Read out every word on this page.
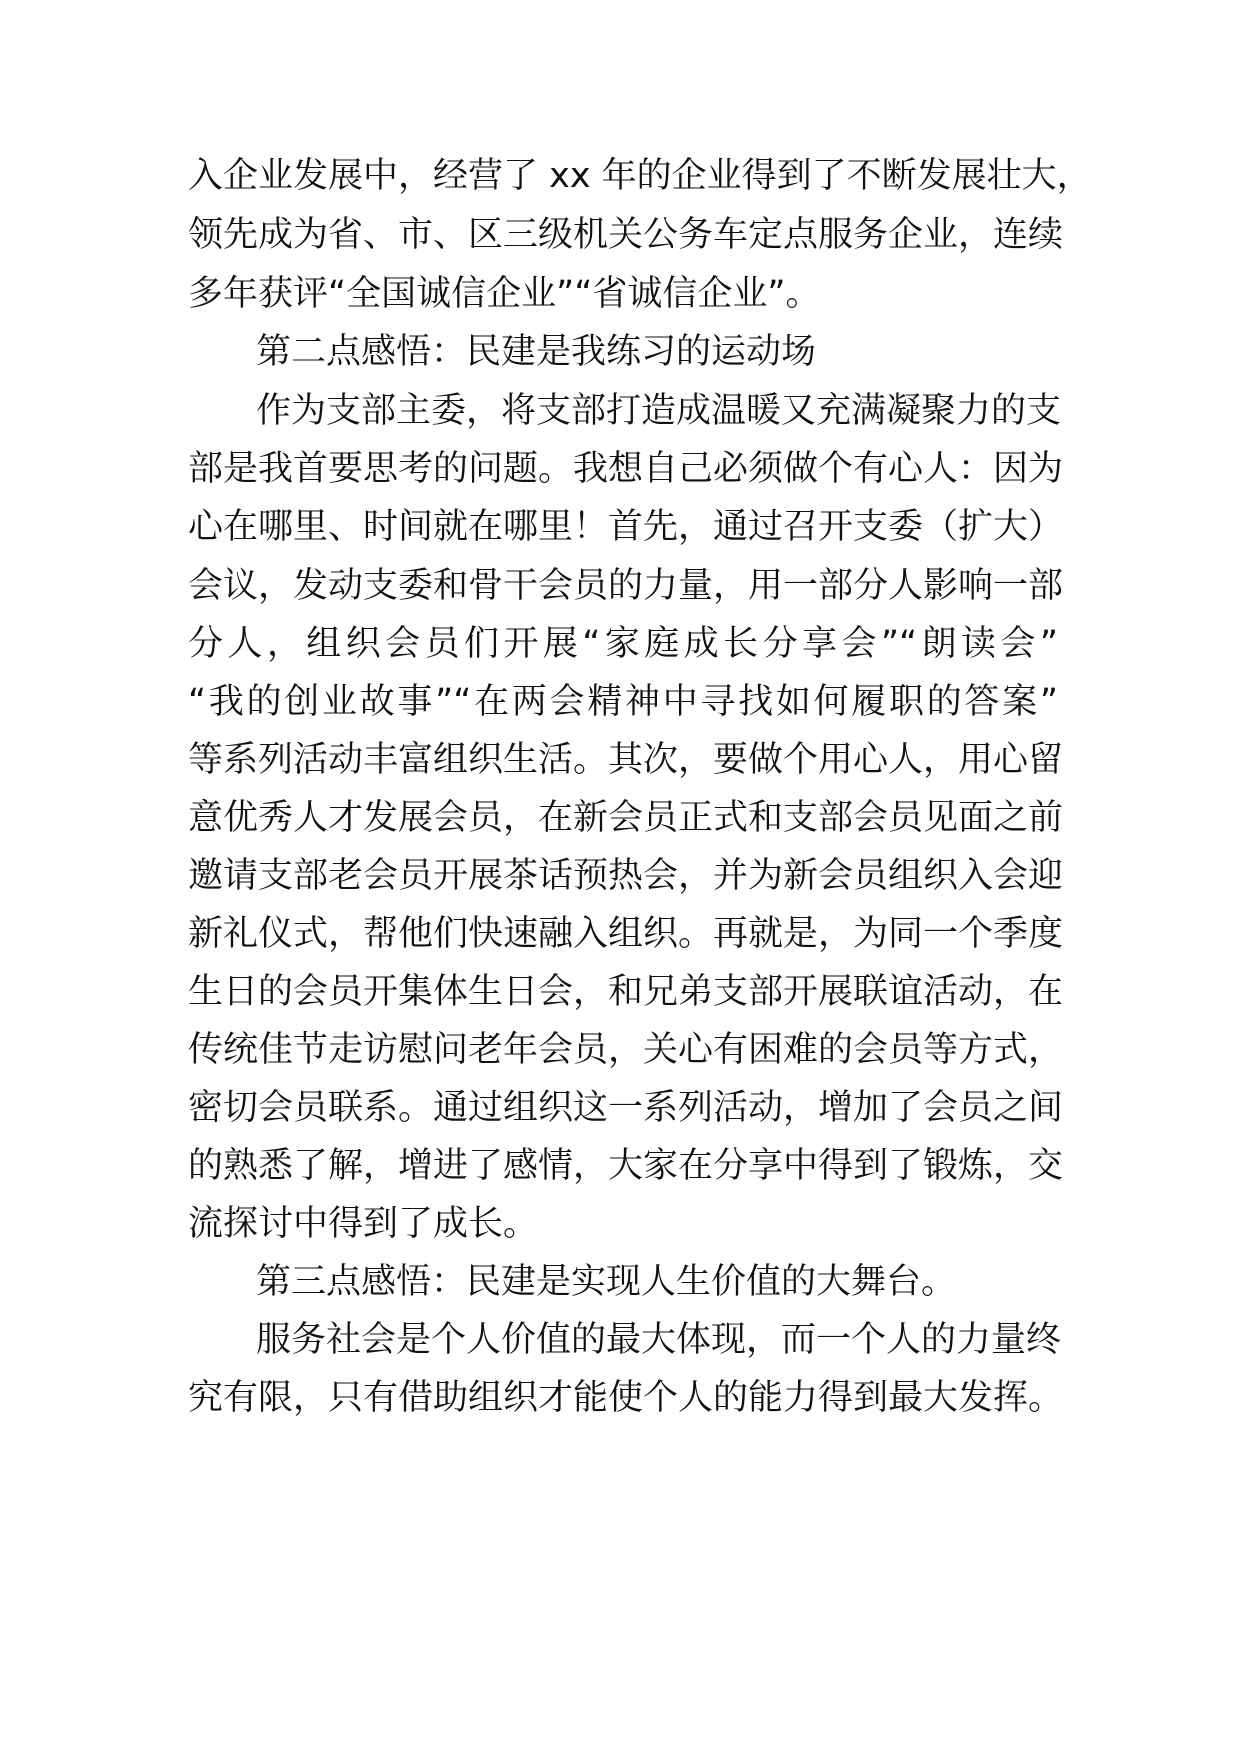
入企业发展中，经营了 xx 年的企业得到了不断发展壮大，
领先成为省、市、区三级机关公务车定点服务企业，连续
多年获评“全国诚信企业”“省诚信企业”。
第二点感悟：民建是我练习的运动场
作为支部主委，将支部打造成温暖又充满凝聚力的支
部是我首要思考的问题。我想自己必须做个有心人：因为
心在哪里、时间就在哪里！首先，通过召开支委（扩大）
会议，发动支委和骨干会员的力量，用一部分人影响一部
分人，组织会员们开展“家庭成长分享会”“朗读会”
“我的创业故事”“在两会精神中寻找如何履职的答案”
等系列活动丰富组织生活。其次，要做个用心人，用心留
意优秀人才发展会员，在新会员正式和支部会员见面之前
邀请支部老会员开展茶话预热会，并为新会员组织入会迎
新礼仪式，帮他们快速融入组织。再就是，为同一个季度
生日的会员开集体生日会，和兄弟支部开展联谊活动，在
传统佳节走访慰问老年会员，关心有困难的会员等方式，
密切会员联系。通过组织这一系列活动，增加了会员之间
的熟悉了解，增进了感情，大家在分享中得到了锻炼，交
流探讨中得到了成长。
第三点感悟：民建是实现人生价值的大舞台。
服务社会是个人价值的最大体现，而一个人的力量终
究有限，只有借助组织才能使个人的能力得到最大发挥。
